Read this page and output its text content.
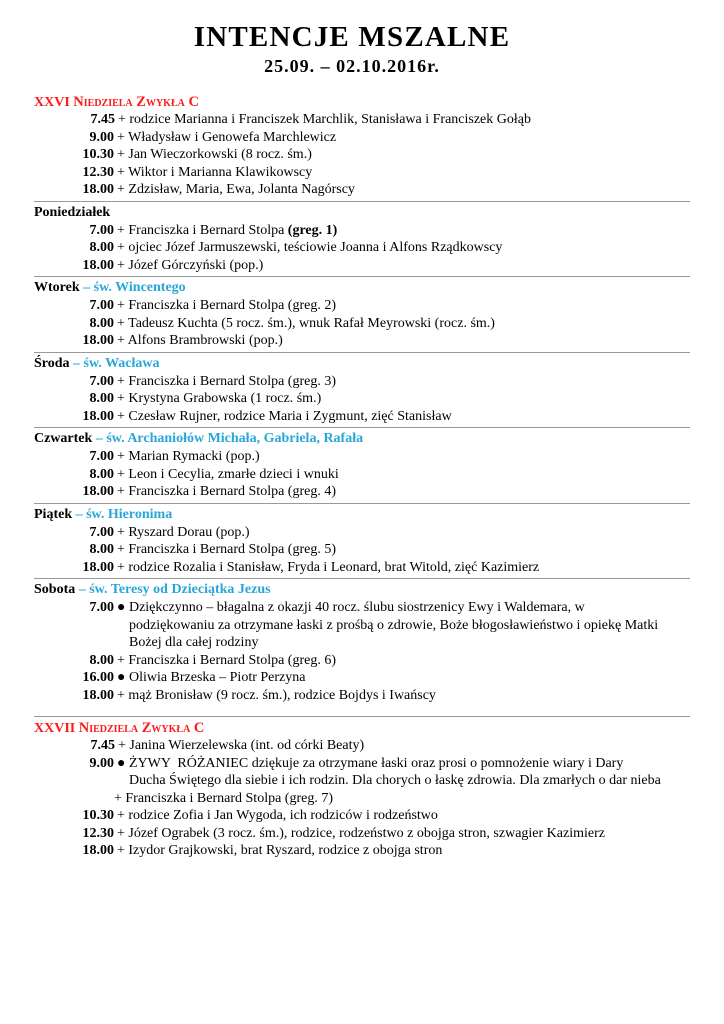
INTENCJE MSZALNE
25.09. – 02.10.2016r.
XXVI Niedziela Zwykła C
7.45 + rodzice Marianna i Franciszek Marchlik, Stanisława i Franciszek Gołąb
9.00 + Władysław i Genowefa Marchlewicz
10.30 + Jan Wieczorkowski (8 rocz. śm.)
12.30 + Wiktor i Marianna Klawikowscy
18.00 + Zdzisław, Maria, Ewa, Jolanta Nagórscy
Poniedziałek
7.00 + Franciszka i Bernard Stolpa (greg. 1)
8.00 + ojciec Józef Jarmuszewski, teściowie Joanna i Alfons Rządkowscy
18.00 + Józef Górczyński (pop.)
Wtorek – św. Wincentego
7.00 + Franciszka i Bernard Stolpa (greg. 2)
8.00 + Tadeusz Kuchta (5 rocz. śm.), wnuk Rafał Meyrowski (rocz. śm.)
18.00 + Alfons Brambrowski (pop.)
Środa – św. Wacława
7.00 + Franciszka i Bernard Stolpa (greg. 3)
8.00 + Krystyna Grabowska (1 rocz. śm.)
18.00 + Czesław Rujner, rodzice Maria i Zygmunt, zięć Stanisław
Czwartek – św. Archaniołów Michała, Gabriela, Rafała
7.00 + Marian Rymacki (pop.)
8.00 + Leon i Cecylia, zmarłe dzieci i wnuki
18.00 + Franciszka i Bernard Stolpa (greg. 4)
Piątek – św. Hieronima
7.00 + Ryszard Dorau (pop.)
8.00 + Franciszka i Bernard Stolpa (greg. 5)
18.00 + rodzice Rozalia i Stanisław, Fryda i Leonard, brat Witold, zięć Kazimierz
Sobota – św. Teresy od Dzieciątka Jezus
7.00 ● Dziękczynno – błagalna z okazji 40 rocz. ślubu siostrzenicy Ewy i Waldemara, w
podziękowaniu za otrzymane łaski z prośbą o zdrowie, Boże błogosławieństwo i opiekę Matki
Bożej dla całej rodziny
8.00 + Franciszka i Bernard Stolpa (greg. 6)
16.00 ● Oliwia Brzeska – Piotr Perzyna
18.00 + mąż Bronisław (9 rocz. śm.), rodzice Bojdys i Iwańscy
XXVII Niedziela Zwykła C
7.45 + Janina Wierzelewska (int. od córki Beaty)
9.00 ● ŻYWY  RÓŻANIEC dziękuje za otrzymane łaski oraz prosi o pomnożenie wiary i Dary
Ducha Świętego dla siebie i ich rodzin. Dla chorych o łaskę zdrowia. Dla zmarłych o dar nieba
+ Franciszka i Bernard Stolpa (greg. 7)
10.30 + rodzice Zofia i Jan Wygoda, ich rodziców i rodzeństwo
12.30 + Józef Ograbek (3 rocz. śm.), rodzice, rodzeństwo z obojga stron, szwagier Kazimierz
18.00 + Izydor Grajkowski, brat Ryszard, rodzice z obojga stron
